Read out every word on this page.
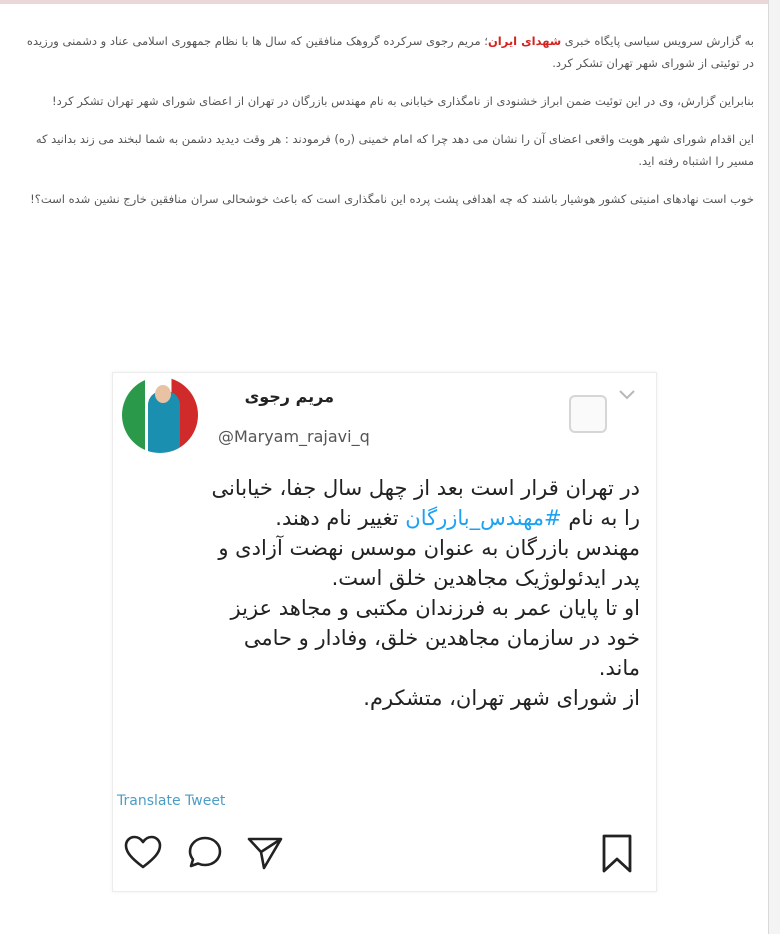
به گزارش سرویس سیاسی پایگاه خبری شهدای ایران؛ مریم رجوی سرکرده گروهک منافقین که سال ها با نظام جمهوری اسلامی عناد و دشمنی ورزیده در توئیتی از شورای شهر تهران تشکر کرد.

بنابراین گزارش، وی در این توئیت ضمن ابراز خشنودی از نامگذاری خیابانی به نام مهندس بازرگان در تهران از اعضای شورای شهر تهران تشکر کرد!

این اقدام شورای شهر هویت واقعی اعضای آن را نشان می دهد چرا که امام خمینی (ره) فرمودند : هر وقت دیدید دشمن به شما لبخند می زند بدانید که مسیر را اشتباه رفته اید.

خوب است نهادهای امنیتی کشور هوشیار باشند که چه اهدافی پشت پرده این نامگذاری است که باعث خوشحالی سران منافقین خارج نشین شده است؟!

مریم رجوی
@Maryam_rajavi_q
در تهران قرار است بعد از چهل سال جفا، خیابانی
را به نام #مهندس_بازرگان تغییر نام دهند.
مهندس بازرگان به عنوان موسس نهضت آزادی و
پدر ایدئولوژیک مجاهدین خلق است.
او تا پایان عمر به فرزندان مکتبی و مجاهد عزیز
خود در سازمان مجاهدین خلق، وفادار و حامی
ماند.
از شورای شهر تهران، متشکرم.
Translate Tweet
